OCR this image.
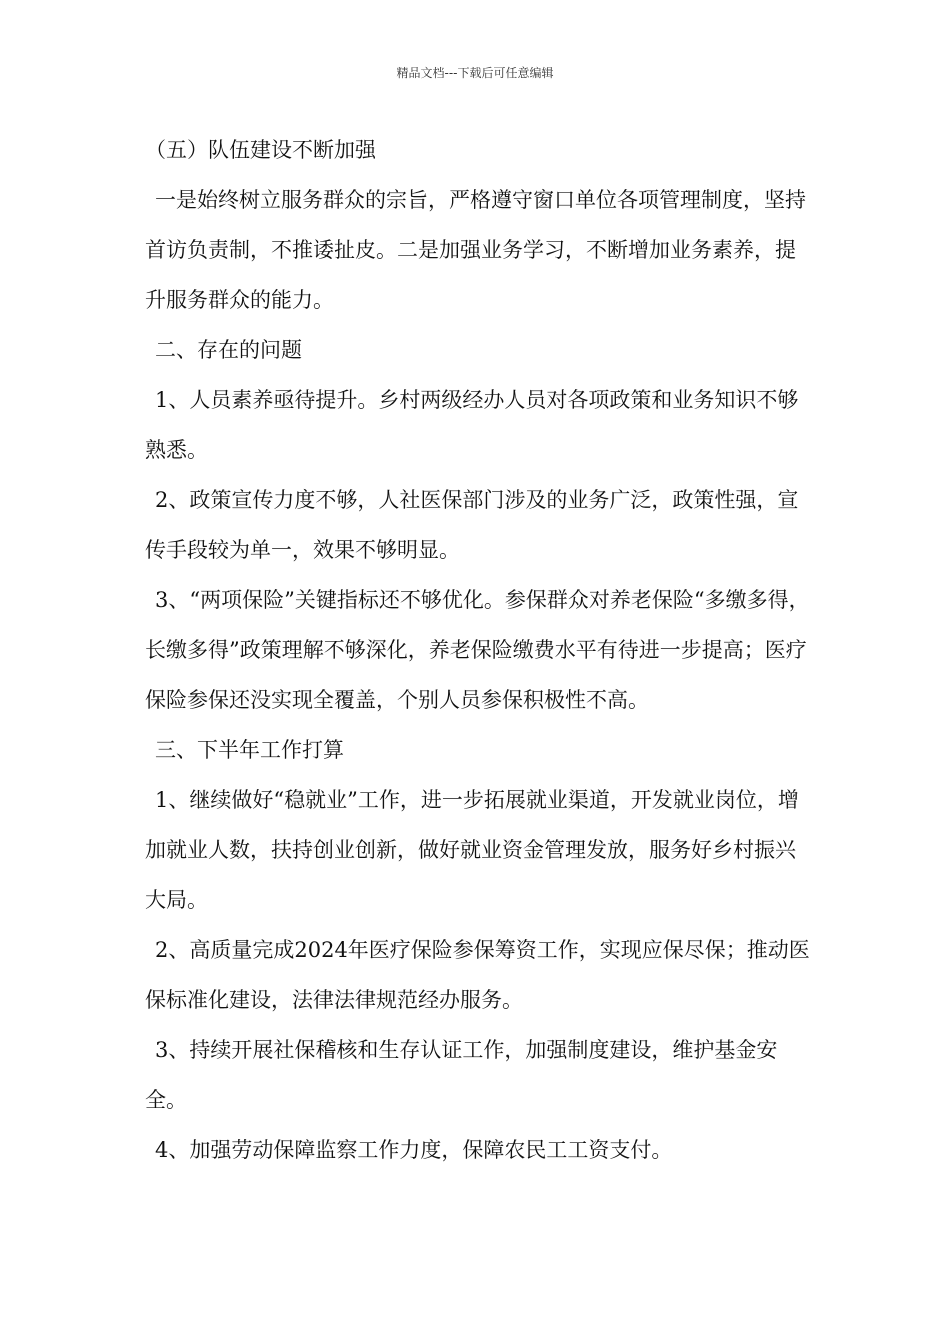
精品文档---下载后可任意编辑

（五）队伍建设不断加强

一是始终树立服务群众的宗旨，严格遵守窗口单位各项管理制度，坚持首访负责制，不推诿扯皮。二是加强业务学习，不断增加业务素养，提升服务群众的能力。

二、存在的问题

1、人员素养亟待提升。乡村两级经办人员对各项政策和业务知识不够熟悉。

2、政策宣传力度不够，人社医保部门涉及的业务广泛，政策性强，宣传手段较为单一，效果不够明显。

3、“两项保险”关键指标还不够优化。参保群众对养老保险“多缴多得，长缴多得”政策理解不够深化，养老保险缴费水平有待进一步提高；医疗保险参保还没实现全覆盖，个别人员参保积极性不高。

三、下半年工作打算

1、继续做好“稳就业”工作，进一步拓展就业渠道，开发就业岗位，增加就业人数，扶持创业创新，做好就业资金管理发放，服务好乡村振兴大局。

2、高质量完成2024年医疗保险参保筹资工作，实现应保尽保；推动医保标准化建设，法律法律规范经办服务。

3、持续开展社保稽核和生存认证工作，加强制度建设，维护基金安全。

4、加强劳动保障监察工作力度，保障农民工工资支付。
